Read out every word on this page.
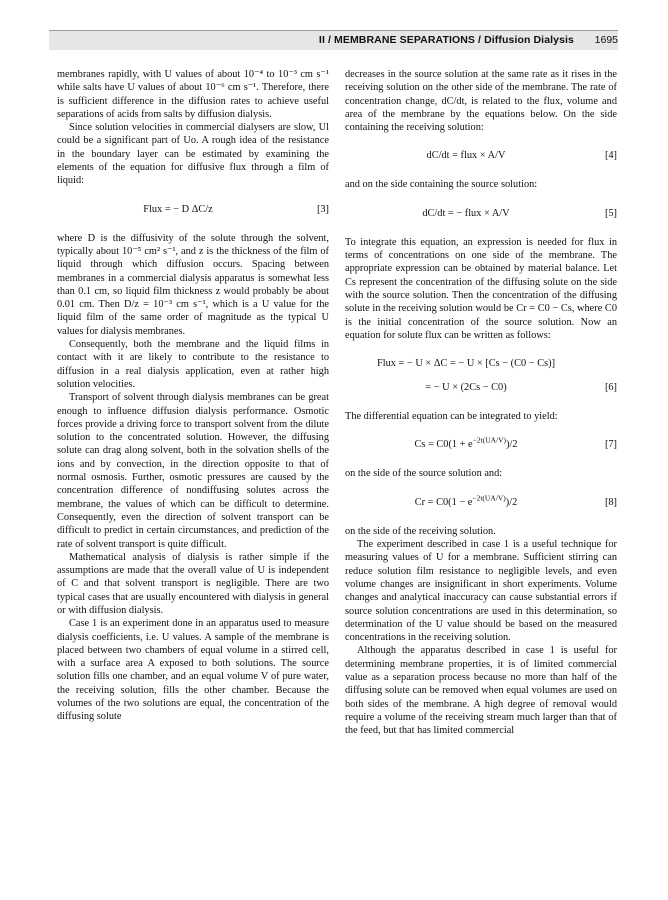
II / MEMBRANE SEPARATIONS / Diffusion Dialysis 1695

membranes rapidly, with U values of about 10⁻⁴ to 10⁻³ cm s⁻¹ while salts have U values of about 10⁻⁶ cm s⁻¹. Therefore, there is sufficient difference in the diffusion rates to achieve useful separations of acids from salts by diffusion dialysis.

Since solution velocities in commercial dialysers are slow, Ul could be a significant part of Uo. A rough idea of the resistance in the boundary layer can be estimated by examining the elements of the equation for diffusive flux through a film of liquid:

Flux = − D ΔC/z	[3]

where D is the diffusivity of the solute through the solvent, typically about 10⁻⁵ cm² s⁻¹, and z is the thickness of the film of liquid through which diffusion occurs. Spacing between membranes in a commercial dialysis apparatus is somewhat less than 0.1 cm, so liquid film thickness z would probably be about 0.01 cm. Then D/z = 10⁻³ cm s⁻¹, which is a U value for the liquid film of the same order of magnitude as the typical U values for dialysis membranes.

Consequently, both the membrane and the liquid films in contact with it are likely to contribute to the resistance to diffusion in a real dialysis application, even at rather high solution velocities.

Transport of solvent through dialysis membranes can be great enough to influence diffusion dialysis performance. Osmotic forces provide a driving force to transport solvent from the dilute solution to the concentrated solution. However, the diffusing solute can drag along solvent, both in the solvation shells of the ions and by convection, in the direction opposite to that of normal osmosis. Further, osmotic pressures are caused by the concentration difference of nondiffusing solutes across the membrane, the values of which can be difficult to determine. Consequently, even the direction of solvent transport can be difficult to predict in certain circumstances, and prediction of the rate of solvent transport is quite difficult.

Mathematical analysis of dialysis is rather simple if the assumptions are made that the overall value of U is independent of C and that solvent transport is negligible. There are two typical cases that are usually encountered with dialysis in general or with diffusion dialysis.

Case 1 is an experiment done in an apparatus used to measure dialysis coefficients, i.e. U values. A sample of the membrane is placed between two chambers of equal volume in a stirred cell, with a surface area A exposed to both solutions. The source solution fills one chamber, and an equal volume V of pure water, the receiving solution, fills the other chamber. Because the volumes of the two solutions are equal, the concentration of the diffusing solute

decreases in the source solution at the same rate as it rises in the receiving solution on the other side of the membrane. The rate of concentration change, dC/dt, is related to the flux, volume and area of the membrane by the equations below. On the side containing the receiving solution:

dC/dt = flux × A/V	[4]

and on the side containing the source solution:

dC/dt = − flux × A/V	[5]

To integrate this equation, an expression is needed for flux in terms of concentrations on one side of the membrane. The appropriate expression can be obtained by material balance. Let Cs represent the concentration of the diffusing solute on the side with the source solution. Then the concentration of the diffusing solute in the receiving solution would be Cr = C0 − Cs, where C0 is the initial concentration of the source solution. Now an equation for solute flux can be written as follows:

Flux = − U × ΔC = − U × [Cs − (C0 − Cs)]
= − U × (2Cs − C0)	[6]

The differential equation can be integrated to yield:

$Cs = C0(1 + e^{-2t(UA/V)})/2$	[7]

on the side of the source solution and:

$Cr = C0(1 - e^{-2t(UA/V)})/2$	[8]

on the side of the receiving solution.

The experiment described in case 1 is a useful technique for measuring values of U for a membrane. Sufficient stirring can reduce solution film resistance to negligible levels, and even volume changes are insignificant in short experiments. Volume changes and analytical inaccuracy can cause substantial errors if source solution concentrations are used in this determination, so determination of the U value should be based on the measured concentrations in the receiving solution.

Although the apparatus described in case 1 is useful for determining membrane properties, it is of limited commercial value as a separation process because no more than half of the diffusing solute can be removed when equal volumes are used on both sides of the membrane. A high degree of removal would require a volume of the receiving stream much larger than that of the feed, but that has limited commercial
